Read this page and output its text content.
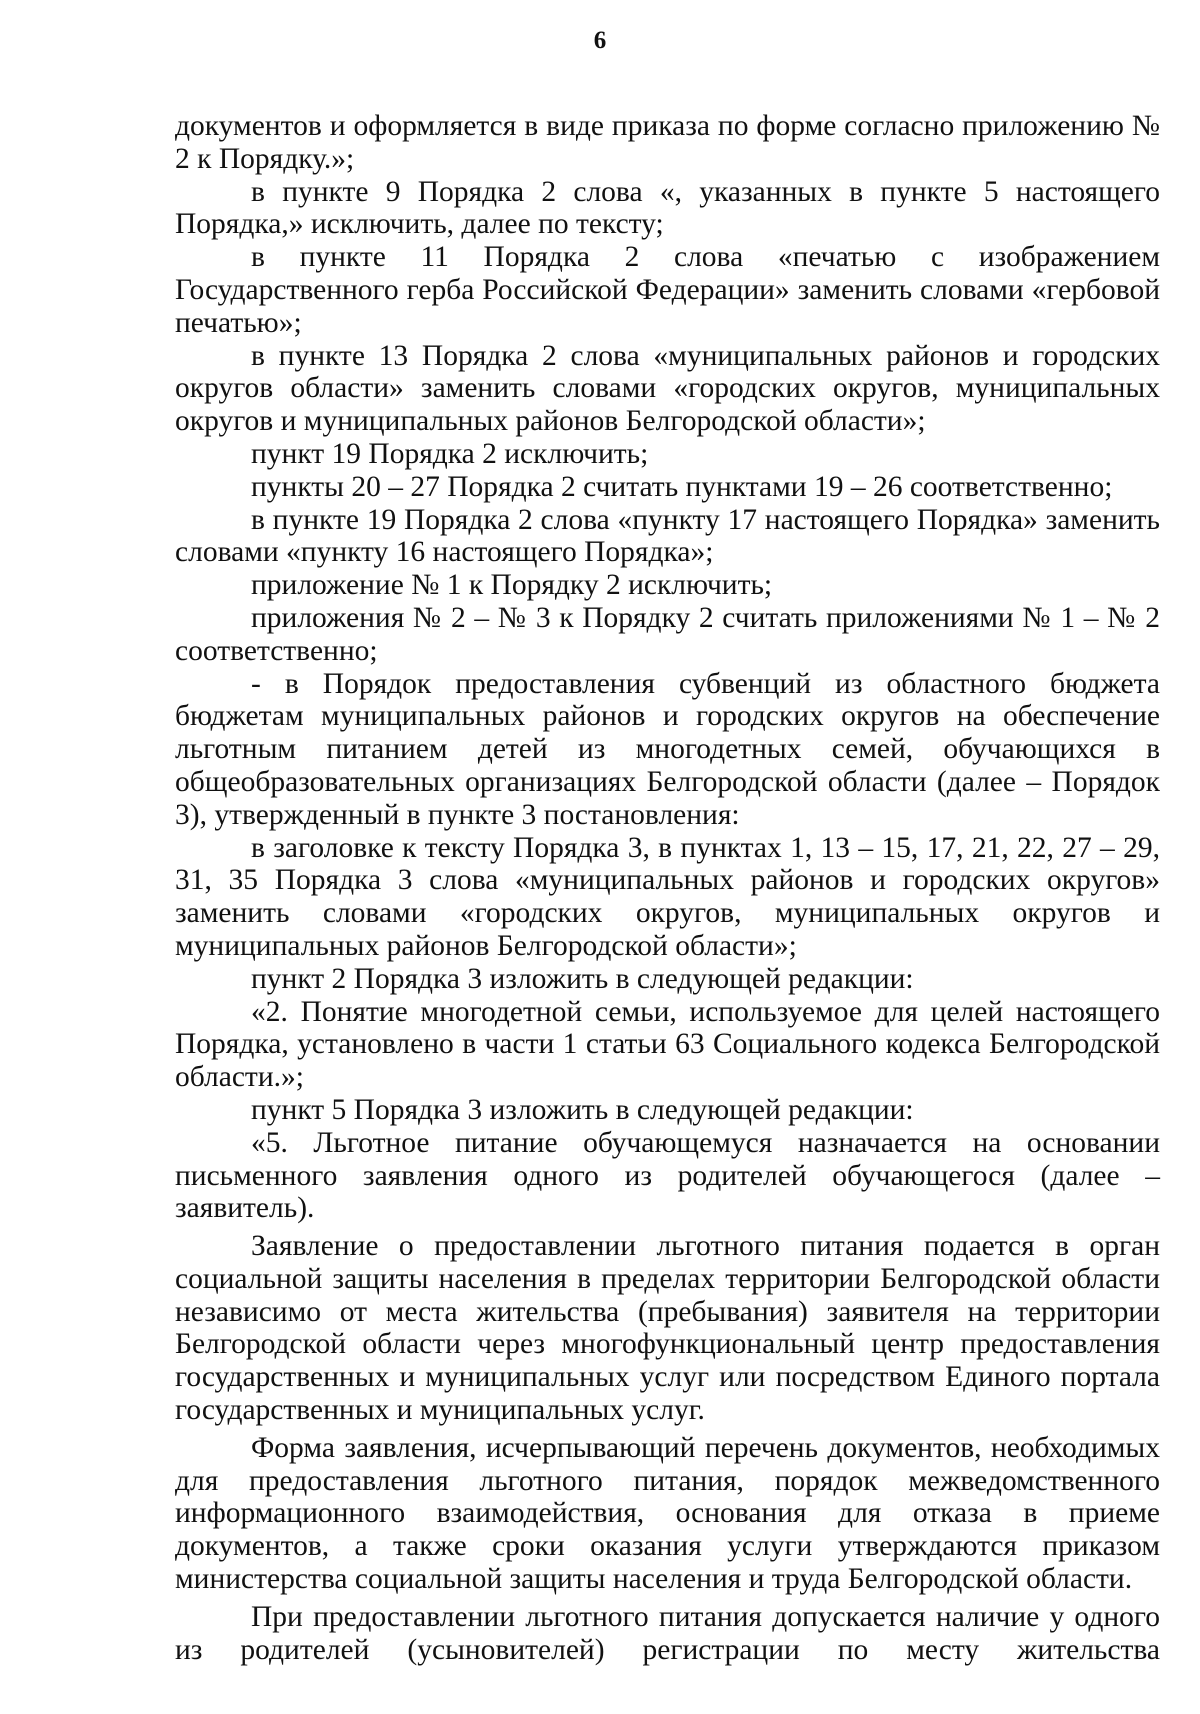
6

документов и оформляется в виде приказа по форме согласно приложению № 2 к Порядку.»;

в пункте 9 Порядка 2 слова «, указанных в пункте 5 настоящего Порядка,» исключить, далее по тексту;

в пункте 11 Порядка 2 слова «печатью с изображением Государственного герба Российской Федерации» заменить словами «гербовой печатью»;

в пункте 13 Порядка 2 слова «муниципальных районов и городских округов области» заменить словами «городских округов, муниципальных округов и муниципальных районов Белгородской области»;

пункт 19 Порядка 2 исключить;

пункты 20 – 27 Порядка 2 считать пунктами 19 – 26 соответственно;

в пункте 19 Порядка 2 слова «пункту 17 настоящего Порядка» заменить словами «пункту 16 настоящего Порядка»;

приложение № 1 к Порядку 2 исключить;

приложения № 2 – № 3 к Порядку 2 считать приложениями № 1 – № 2 соответственно;

- в Порядок предоставления субвенций из областного бюджета бюджетам муниципальных районов и городских округов на обеспечение льготным питанием детей из многодетных семей, обучающихся в общеобразовательных организациях Белгородской области (далее – Порядок 3), утвержденный в пункте 3 постановления:

в заголовке к тексту Порядка 3, в пунктах 1, 13 – 15, 17, 21, 22, 27 – 29, 31, 35 Порядка 3 слова «муниципальных районов и городских округов» заменить словами «городских округов, муниципальных округов и муниципальных районов Белгородской области»;

пункт 2 Порядка 3 изложить в следующей редакции:

«2. Понятие многодетной семьи, используемое для целей настоящего Порядка, установлено в части 1 статьи 63 Социального кодекса Белгородской области.»;

пункт 5 Порядка 3 изложить в следующей редакции:

«5. Льготное питание обучающемуся назначается на основании письменного заявления одного из родителей обучающегося (далее – заявитель).

Заявление о предоставлении льготного питания подается в орган социальной защиты населения в пределах территории Белгородской области независимо от места жительства (пребывания) заявителя на территории Белгородской области через многофункциональный центр предоставления государственных и муниципальных услуг или посредством Единого портала государственных и муниципальных услуг.

Форма заявления, исчерпывающий перечень документов, необходимых для предоставления льготного питания, порядок межведомственного информационного взаимодействия, основания для отказа в приеме документов, а также сроки оказания услуги утверждаются приказом министерства социальной защиты населения и труда Белгородской области.

При предоставлении льготного питания допускается наличие у одного из родителей (усыновителей) регистрации по месту жительства
